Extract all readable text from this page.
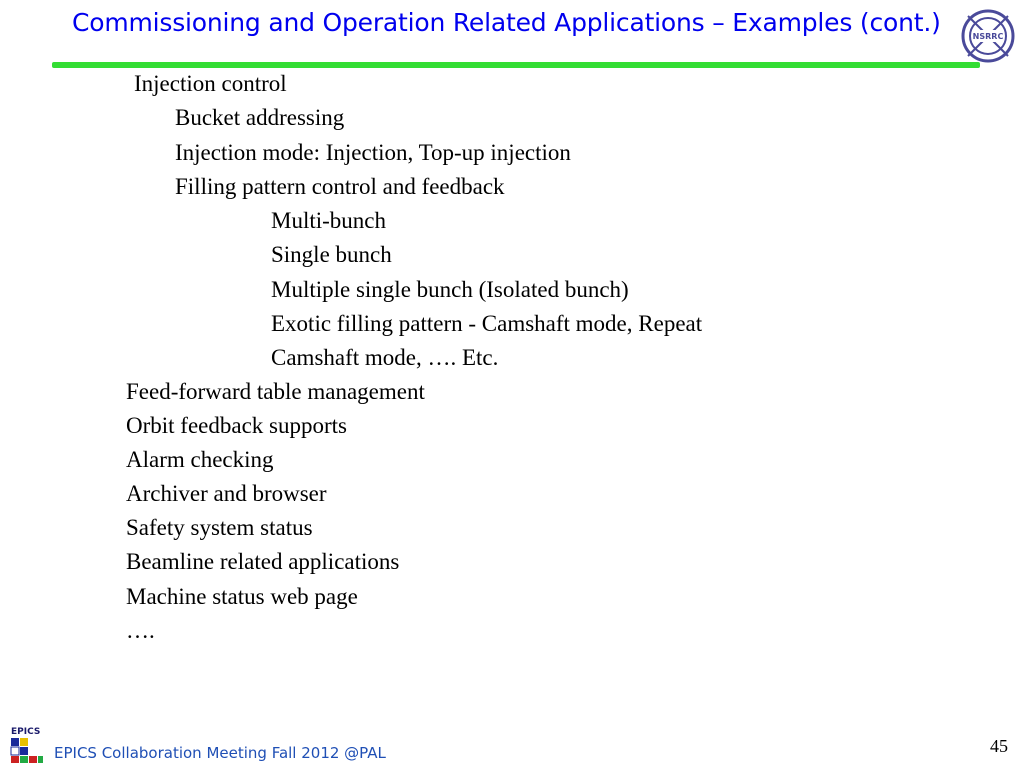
Commissioning and Operation Related Applications – Examples (cont.)	NSRRC
Injection control
Bucket addressing
Injection mode: Injection, Top-up injection
Filling pattern control and feedback
Multi-bunch
Single bunch
Multiple single bunch (Isolated bunch)
Exotic filling pattern - Camshaft mode, Repeat
Camshaft mode, …. Etc.
Feed-forward table management
Orbit feedback supports
Alarm checking
Archiver and browser
Safety system status
Beamline related applications
Machine status web page
….
EPICS
EPICS Collaboration Meeting Fall 2012 @PAL	45
